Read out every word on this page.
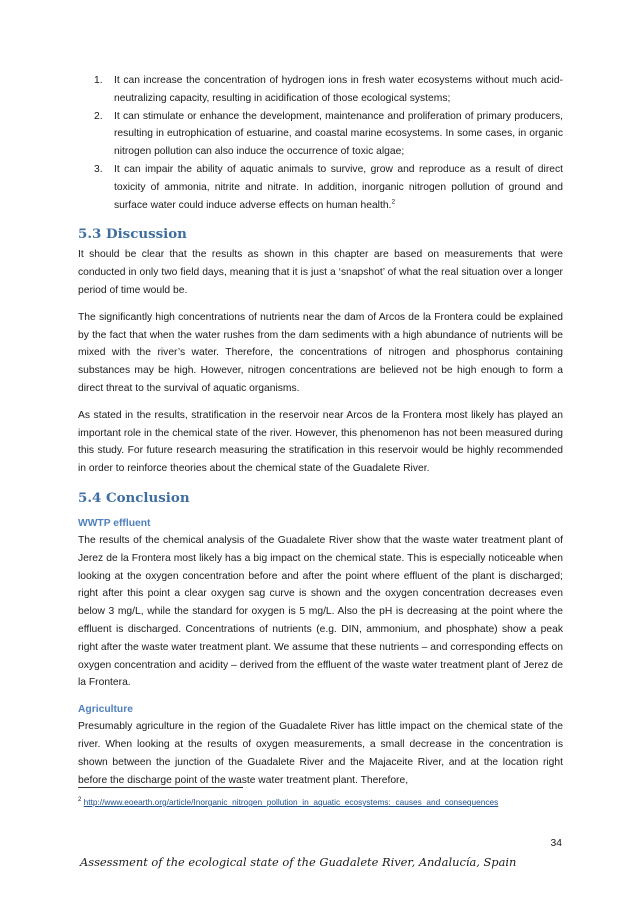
1. It can increase the concentration of hydrogen ions in fresh water ecosystems without much acid-neutralizing capacity, resulting in acidification of those ecological systems;
2. It can stimulate or enhance the development, maintenance and proliferation of primary producers, resulting in eutrophication of estuarine, and coastal marine ecosystems. In some cases, in organic nitrogen pollution can also induce the occurrence of toxic algae;
3. It can impair the ability of aquatic animals to survive, grow and reproduce as a result of direct toxicity of ammonia, nitrite and nitrate. In addition, inorganic nitrogen pollution of ground and surface water could induce adverse effects on human health.$^2$
5.3 Discussion

It should be clear that the results as shown in this chapter are based on measurements that were conducted in only two field days, meaning that it is just a ‘snapshot’ of what the real situation over a longer period of time would be.

The significantly high concentrations of nutrients near the dam of Arcos de la Frontera could be explained by the fact that when the water rushes from the dam sediments with a high abundance of nutrients will be mixed with the river’s water. Therefore, the concentrations of nitrogen and phosphorus containing substances may be high. However, nitrogen concentrations are believed not be high enough to form a direct threat to the survival of aquatic organisms.

As stated in the results, stratification in the reservoir near Arcos de la Frontera most likely has played an important role in the chemical state of the river. However, this phenomenon has not been measured during this study. For future research measuring the stratification in this reservoir would be highly recommended in order to reinforce theories about the chemical state of the Guadalete River.

5.4 Conclusion
WWTP effluent

The results of the chemical analysis of the Guadalete River show that the waste water treatment plant of Jerez de la Frontera most likely has a big impact on the chemical state. This is especially noticeable when looking at the oxygen concentration before and after the point where effluent of the plant is discharged; right after this point a clear oxygen sag curve is shown and the oxygen concentration decreases even below 3 mg/L, while the standard for oxygen is 5 mg/L. Also the pH is decreasing at the point where the effluent is discharged. Concentrations of nutrients (e.g. DIN, ammonium, and phosphate) show a peak right after the waste water treatment plant. We assume that these nutrients – and corresponding effects on oxygen concentration and acidity – derived from the effluent of the waste water treatment plant of Jerez de la Frontera.

Agriculture

Presumably agriculture in the region of the Guadalete River has little impact on the chemical state of the river. When looking at the results of oxygen measurements, a small decrease in the concentration is shown between the junction of the Guadalete River and the Majaceite River, and at the location right before the discharge point of the waste water treatment plant. Therefore,

$^2$ http://www.eoearth.org/article/Inorganic_nitrogen_pollution_in_aquatic_ecosystems:_causes_and_consequences
34
Assessment of the ecological state of the Guadalete River, Andalucía, Spain
